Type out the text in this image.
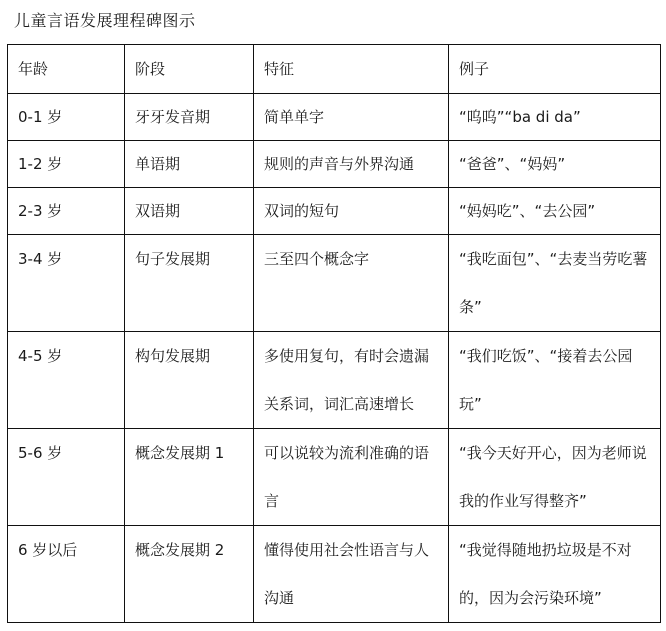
儿童言语发展理程碑图示
年龄	阶段	特征	例子
0-1 岁	牙牙发音期	简单单字	“呜呜”“ba di da”
1-2 岁	单语期	规则的声音与外界沟通	“爸爸”、“妈妈”
2-3 岁	双语期	双词的短句	“妈妈吃”、“去公园”
3-4 岁	句子发展期	三至四个概念字	“我吃面包”、“去麦当劳吃薯条”
4-5 岁	构句发展期	多使用复句，有时会遗漏关系词，词汇高速增长	“我们吃饭”、“接着去公园玩”
5-6 岁	概念发展期 1	可以说较为流利准确的语言	“我今天好开心，因为老师说我的作业写得整齐”
6 岁以后	概念发展期 2	懂得使用社会性语言与人沟通	“我觉得随地扔垃圾是不对的，因为会污染环境”
